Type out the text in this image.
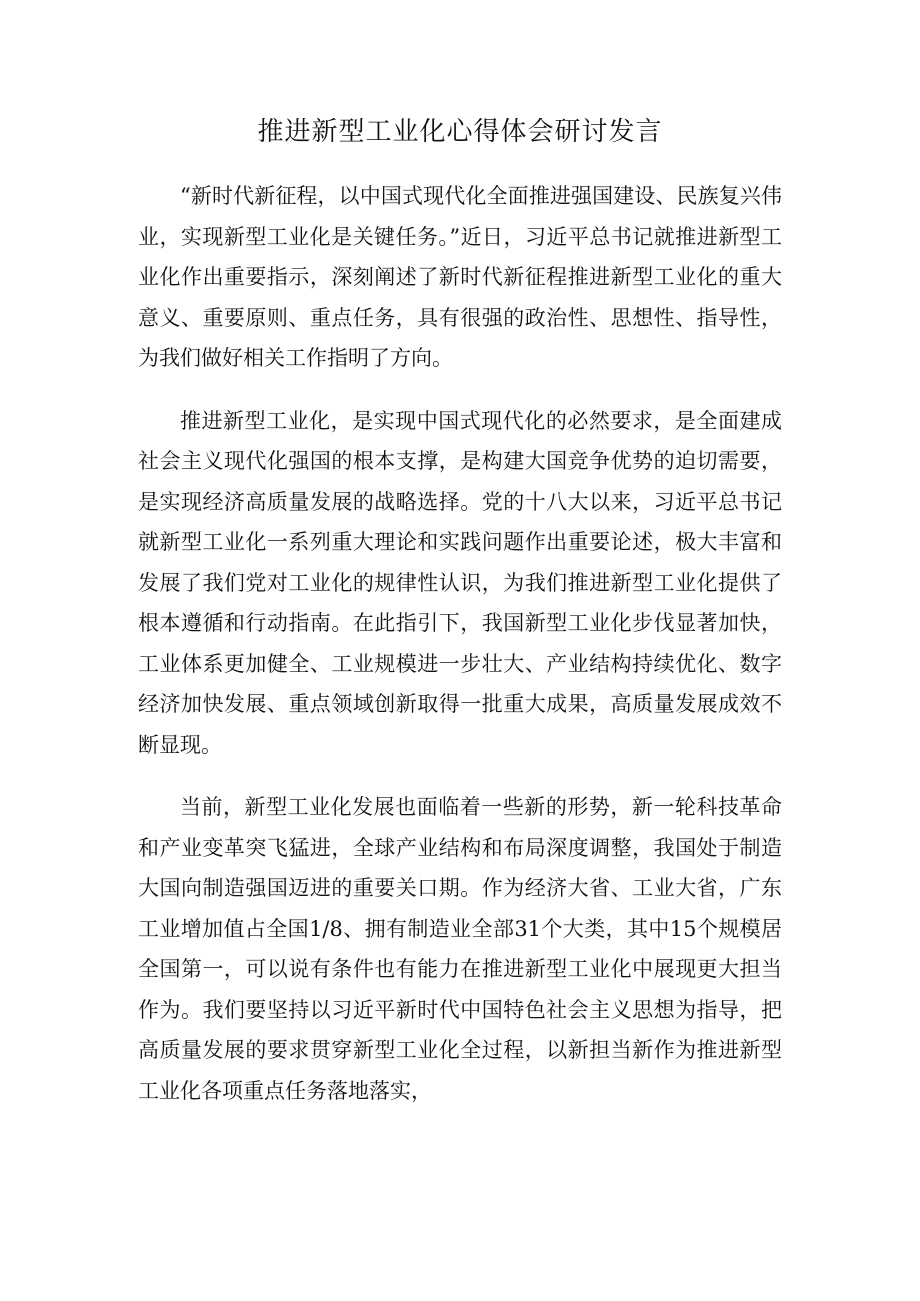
推进新型工业化心得体会研讨发言

“新时代新征程，以中国式现代化全面推进强国建设、民族复兴伟业，实现新型工业化是关键任务。”近日，习近平总书记就推进新型工业化作出重要指示，深刻阐述了新时代新征程推进新型工业化的重大意义、重要原则、重点任务，具有很强的政治性、思想性、指导性，为我们做好相关工作指明了方向。

推进新型工业化，是实现中国式现代化的必然要求，是全面建成社会主义现代化强国的根本支撑，是构建大国竞争优势的迫切需要，是实现经济高质量发展的战略选择。党的十八大以来，习近平总书记就新型工业化一系列重大理论和实践问题作出重要论述，极大丰富和发展了我们党对工业化的规律性认识，为我们推进新型工业化提供了根本遵循和行动指南。在此指引下，我国新型工业化步伐显著加快，工业体系更加健全、工业规模进一步壮大、产业结构持续优化、数字经济加快发展、重点领域创新取得一批重大成果，高质量发展成效不断显现。

当前，新型工业化发展也面临着一些新的形势，新一轮科技革命和产业变革突飞猛进，全球产业结构和布局深度调整，我国处于制造大国向制造强国迈进的重要关口期。作为经济大省、工业大省，广东工业增加值占全国1/8、拥有制造业全部31个大类，其中15个规模居全国第一，可以说有条件也有能力在推进新型工业化中展现更大担当作为。我们要坚持以习近平新时代中国特色社会主义思想为指导，把高质量发展的要求贯穿新型工业化全过程，以新担当新作为推进新型工业化各项重点任务落地落实，
